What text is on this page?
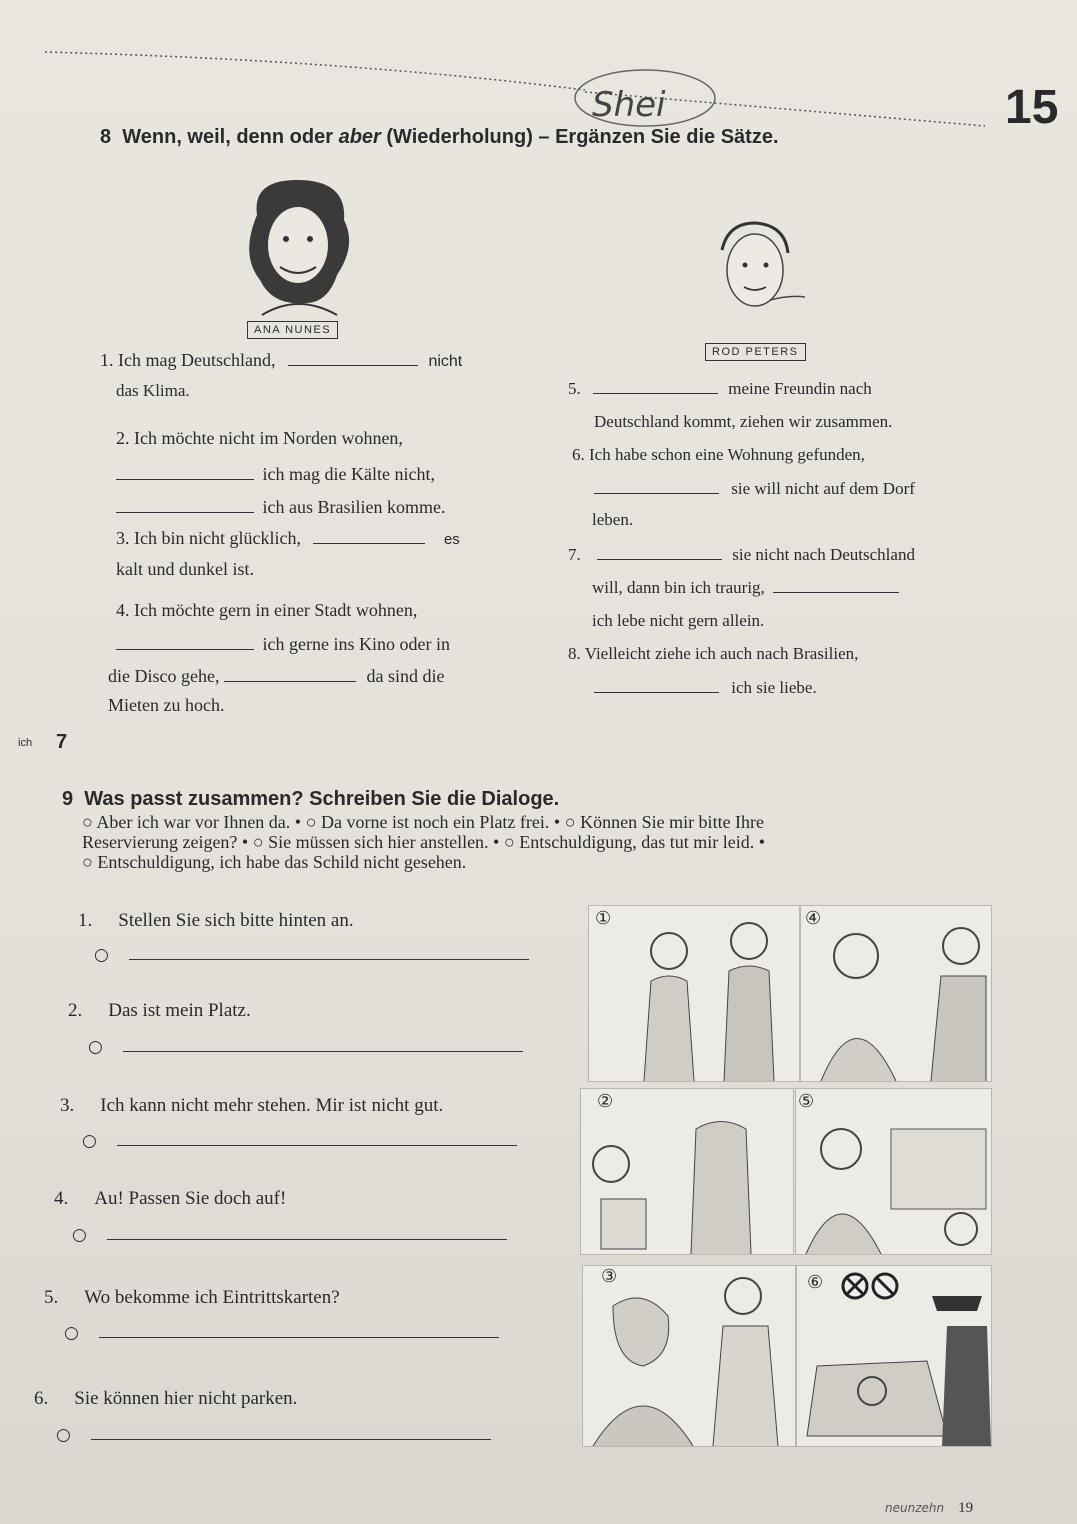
Shei	15
8 Wenn, weil, denn oder aber (Wiederholung) – Ergänzen Sie die Sätze.
ANA NUNES
ROD PETERS
1. Ich mag Deutschland,	nicht
das Klima.
2. Ich möchte nicht im Norden wohnen,
ich mag die Kälte nicht,
ich aus Brasilien komme.
3. Ich bin nicht glücklich,	es
kalt und dunkel ist.
4. Ich möchte gern in einer Stadt wohnen,
ich gerne ins Kino oder in
die Disco gehe,	da sind die
Mieten zu hoch.
5.	meine Freundin nach
Deutschland kommt, ziehen wir zusammen.
6. Ich habe schon eine Wohnung gefunden,
sie will nicht auf dem Dorf
leben.
7.	sie nicht nach Deutschland
will, dann bin ich traurig,
ich lebe nicht gern allein.
8. Vielleicht ziehe ich auch nach Brasilien,
ich sie liebe.
ich 7
9 Was passt zusammen? Schreiben Sie die Dialoge.
○ Aber ich war vor Ihnen da. • ○ Da vorne ist noch ein Platz frei. • ○ Können Sie mir bitte Ihre
Reservierung zeigen? • ○ Sie müssen sich hier anstellen. • ○ Entschuldigung, das tut mir leid. •
○ Entschuldigung, ich habe das Schild nicht gesehen.
1. Stellen Sie sich bitte hinten an.
○
2. Das ist mein Platz.
○
3. Ich kann nicht mehr stehen. Mir ist nicht gut.
○
4. Au! Passen Sie doch auf!
○
5. Wo bekomme ich Eintrittskarten?
○
6. Sie können hier nicht parken.
○
①	④
②	⑤
③	⑥
neunzehn 19
